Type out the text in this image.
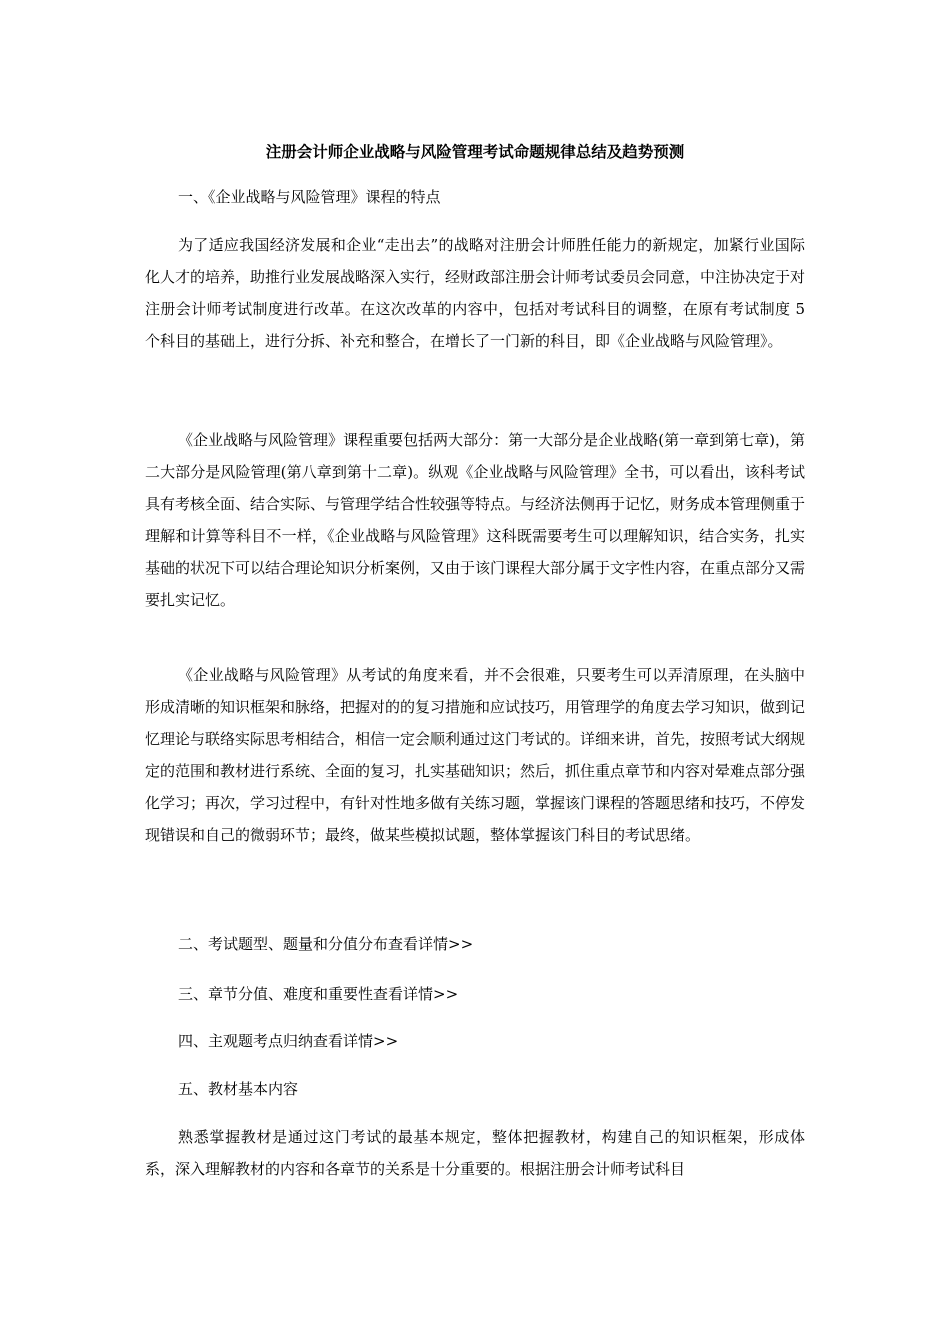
注册会计师企业战略与风险管理考试命题规律总结及趋势预测
一、《企业战略与风险管理》课程的特点
为了适应我国经济发展和企业“走出去”的战略对注册会计师胜任能力的新规定，加紧行业国际化人才的培养，助推行业发展战略深入实行，经财政部注册会计师考试委员会同意，中注协决定于对注册会计师考试制度进行改革。在这次改革的内容中，包括对考试科目的调整，在原有考试制度 5 个科目的基础上，进行分拆、补充和整合，在增长了一门新的科目，即《企业战略与风险管理》。
《企业战略与风险管理》课程重要包括两大部分：第一大部分是企业战略(第一章到第七章)，第二大部分是风险管理(第八章到第十二章)。纵观《企业战略与风险管理》全书，可以看出，该科考试具有考核全面、结合实际、与管理学结合性较强等特点。与经济法侧再于记忆，财务成本管理侧重于理解和计算等科目不一样，《企业战略与风险管理》这科既需要考生可以理解知识，结合实务，扎实基础的状况下可以结合理论知识分析案例，又由于该门课程大部分属于文字性内容，在重点部分又需要扎实记忆。
《企业战略与风险管理》从考试的角度来看，并不会很难，只要考生可以弄清原理，在头脑中形成清晰的知识框架和脉络，把握对的的复习措施和应试技巧，用管理学的角度去学习知识，做到记忆理论与联络实际思考相结合，相信一定会顺利通过这门考试的。详细来讲，首先，按照考试大纲规定的范围和教材进行系统、全面的复习，扎实基础知识；然后，抓住重点章节和内容对晕难点部分强化学习；再次，学习过程中，有针对性地多做有关练习题，掌握该门课程的答题思绪和技巧，不停发现错误和自己的微弱环节；最终，做某些模拟试题，整体掌握该门科目的考试思绪。
二、考试题型、题量和分值分布查看详情>>
三、章节分值、难度和重要性查看详情>>
四、主观题考点归纳查看详情>>
五、教材基本内容
熟悉掌握教材是通过这门考试的最基本规定，整体把握教材，构建自己的知识框架，形成体系，深入理解教材的内容和各章节的关系是十分重要的。根据注册会计师考试科目
